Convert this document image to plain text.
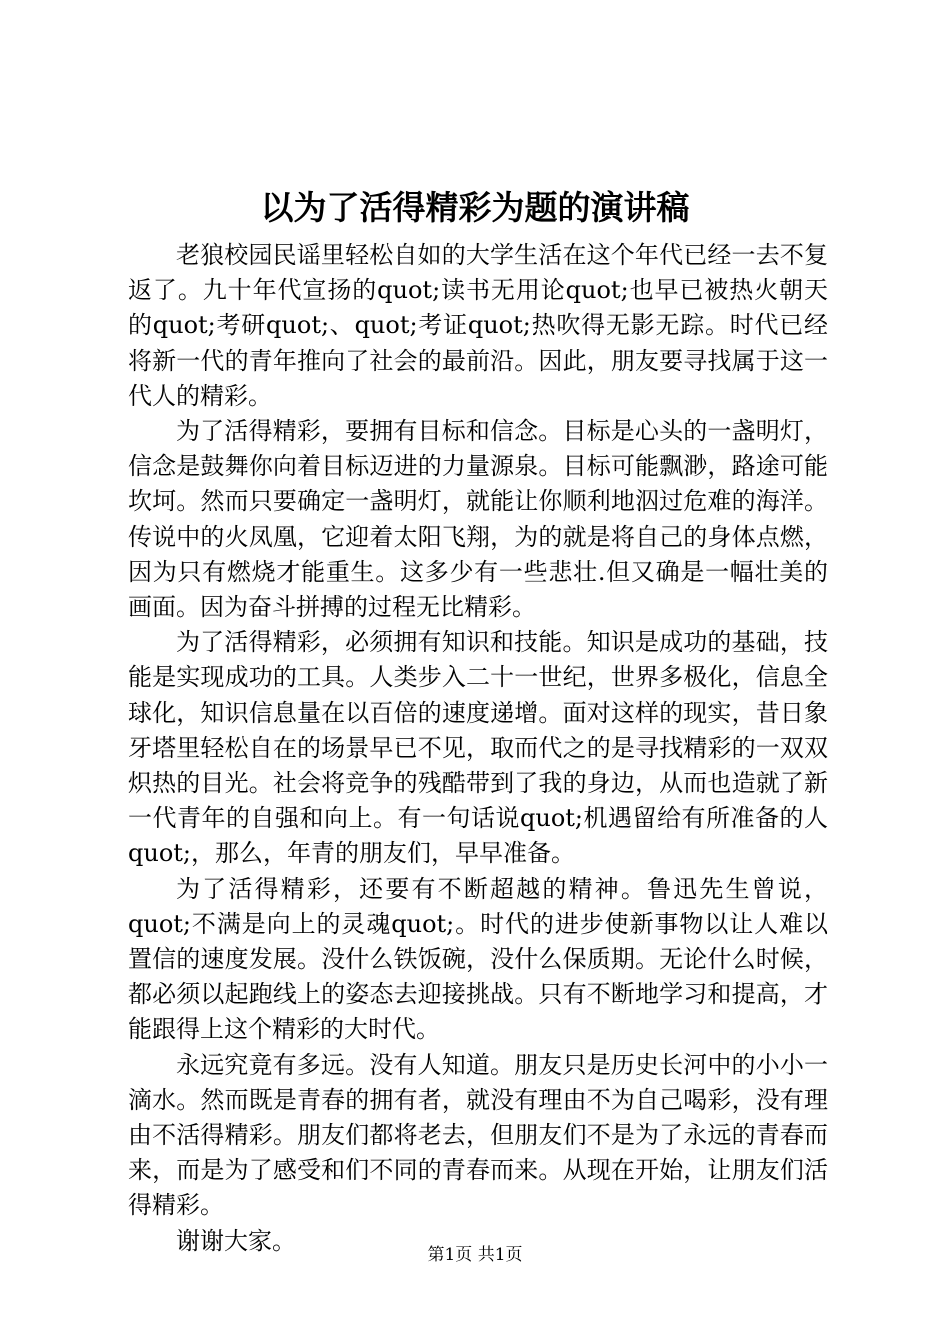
以为了活得精彩为题的演讲稿

老狼校园民谣里轻松自如的大学生活在这个年代已经一去不复返了。九十年代宣扬的quot;读书无用论quot;也早已被热火朝天的quot;考研quot;、quot;考证quot;热吹得无影无踪。时代已经将新一代的青年推向了社会的最前沿。因此，朋友要寻找属于这一代人的精彩。

为了活得精彩，要拥有目标和信念。目标是心头的一盏明灯，信念是鼓舞你向着目标迈进的力量源泉。目标可能飘渺，路途可能坎坷。然而只要确定一盏明灯，就能让你顺利地泅过危难的海洋。传说中的火凤凰，它迎着太阳飞翔，为的就是将自己的身体点燃，因为只有燃烧才能重生。这多少有一些悲壮.但又确是一幅壮美的画面。因为奋斗拼搏的过程无比精彩。

为了活得精彩，必须拥有知识和技能。知识是成功的基础，技能是实现成功的工具。人类步入二十一世纪，世界多极化，信息全球化，知识信息量在以百倍的速度递增。面对这样的现实，昔日象牙塔里轻松自在的场景早已不见，取而代之的是寻找精彩的一双双炽热的目光。社会将竞争的残酷带到了我的身边，从而也造就了新一代青年的自强和向上。有一句话说quot;机遇留给有所准备的人quot;，那么，年青的朋友们，早早准备。

为了活得精彩，还要有不断超越的精神。鲁迅先生曾说，quot;不满是向上的灵魂quot;。时代的进步使新事物以让人难以置信的速度发展。没什么铁饭碗，没什么保质期。无论什么时候，都必须以起跑线上的姿态去迎接挑战。只有不断地学习和提高，才能跟得上这个精彩的大时代。

永远究竟有多远。没有人知道。朋友只是历史长河中的小小一滴水。然而既是青春的拥有者，就没有理由不为自己喝彩，没有理由不活得精彩。朋友们都将老去，但朋友们不是为了永远的青春而来，而是为了感受和们不同的青春而来。从现在开始，让朋友们活得精彩。

谢谢大家。

第1页 共1页
